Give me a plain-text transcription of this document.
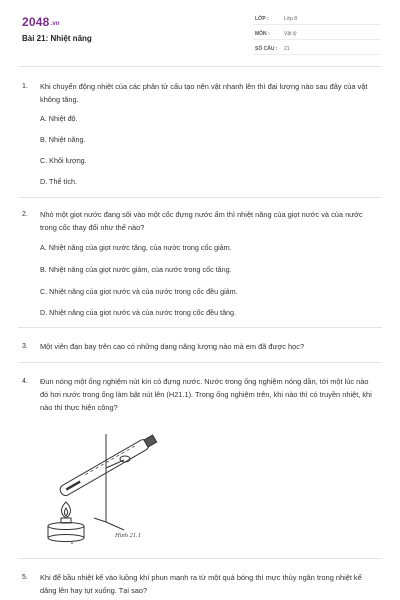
2048.vn
Bài 21: Nhiệt năng
LỚP :	Lớp 8
MÔN :	Vật lý
SỐ CÂU : 21
1. Khi chuyển động nhiệt của các phân tử cấu tạo nên vật nhanh lên thì đại lượng nào sau đây của vật không tăng.
A. Nhiệt độ.
B. Nhiệt năng.
C. Khối lượng.
D. Thể tích.
2. Nhỏ một giọt nước đang sôi vào một cốc đựng nước ấm thì nhiệt năng của giọt nước và của nước trong cốc thay đổi như thế nào?
A. Nhiệt năng của giọt nước tăng, của nước trong cốc giảm.
B. Nhiệt năng của giọt nước giảm, của nước trong cốc tăng.
C. Nhiệt năng của giọt nước và của nước trong cốc đều giảm.
D. Nhiệt năng của giọt nước và của nước trong cốc đều tăng.
3. Một viên đạn bay trên cao có những dạng năng lượng nào mà em đã được học?
4. Đun nóng một ống nghiệm nút kín có đựng nước. Nước trong ống nghiệm nóng dần, tới một lúc nào đó hơi nước trong ống làm bật nút lên (H21.1). Trong ống nghiệm trên, khi nào thì có truyền nhiệt, khi nào thì thực hiện công?
Hình 21.1
5. Khi để bầu nhiệt kế vào luồng khí phun mạnh ra từ một quả bóng thì mực thủy ngân trong nhiệt kế dâng lên hay tụt xuống. Tại sao?
